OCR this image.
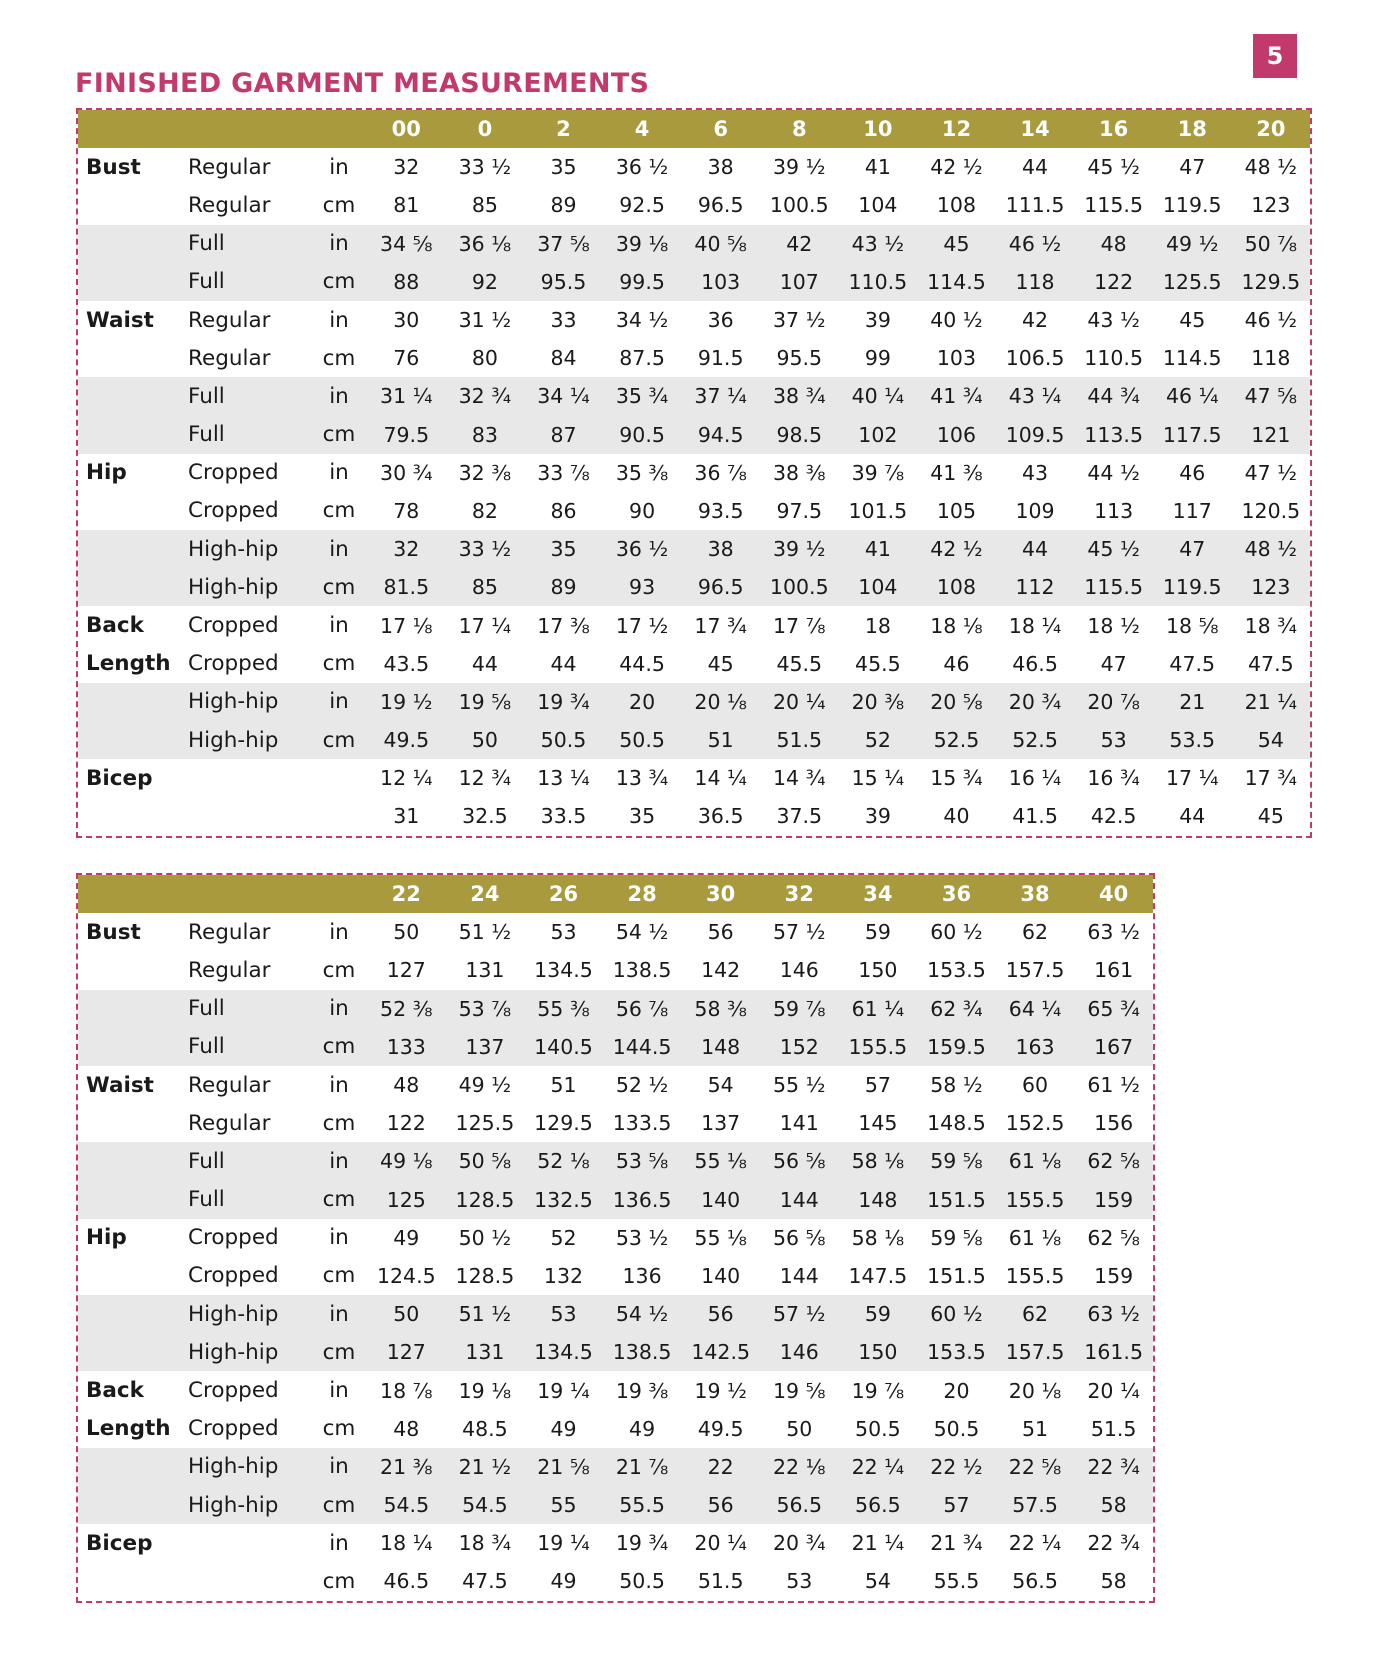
5
FINISHED GARMENT MEASUREMENTS
			00	0	2	4	6	8	10	12	14	16	18	20
Bust	Regular	in	32	33 ½	35	36 ½	38	39 ½	41	42 ½	44	45 ½	47	48 ½
	Regular	cm	81	85	89	92.5	96.5	100.5	104	108	111.5	115.5	119.5	123
	Full	in	34 ⅝	36 ⅛	37 ⅝	39 ⅛	40 ⅝	42	43 ½	45	46 ½	48	49 ½	50 ⅞
	Full	cm	88	92	95.5	99.5	103	107	110.5	114.5	118	122	125.5	129.5
Waist	Regular	in	30	31 ½	33	34 ½	36	37 ½	39	40 ½	42	43 ½	45	46 ½
	Regular	cm	76	80	84	87.5	91.5	95.5	99	103	106.5	110.5	114.5	118
	Full	in	31 ¼	32 ¾	34 ¼	35 ¾	37 ¼	38 ¾	40 ¼	41 ¾	43 ¼	44 ¾	46 ¼	47 ⅝
	Full	cm	79.5	83	87	90.5	94.5	98.5	102	106	109.5	113.5	117.5	121
Hip	Cropped	in	30 ¾	32 ⅜	33 ⅞	35 ⅜	36 ⅞	38 ⅜	39 ⅞	41 ⅜	43	44 ½	46	47 ½
	Cropped	cm	78	82	86	90	93.5	97.5	101.5	105	109	113	117	120.5
	High-hip	in	32	33 ½	35	36 ½	38	39 ½	41	42 ½	44	45 ½	47	48 ½
	High-hip	cm	81.5	85	89	93	96.5	100.5	104	108	112	115.5	119.5	123
Back	Cropped	in	17 ⅛	17 ¼	17 ⅜	17 ½	17 ¾	17 ⅞	18	18 ⅛	18 ¼	18 ½	18 ⅝	18 ¾
Length	Cropped	cm	43.5	44	44	44.5	45	45.5	45.5	46	46.5	47	47.5	47.5
	High-hip	in	19 ½	19 ⅝	19 ¾	20	20 ⅛	20 ¼	20 ⅜	20 ⅝	20 ¾	20 ⅞	21	21 ¼
	High-hip	cm	49.5	50	50.5	50.5	51	51.5	52	52.5	52.5	53	53.5	54
Bicep			12 ¼	12 ¾	13 ¼	13 ¾	14 ¼	14 ¾	15 ¼	15 ¾	16 ¼	16 ¾	17 ¼	17 ¾
			31	32.5	33.5	35	36.5	37.5	39	40	41.5	42.5	44	45
			22	24	26	28	30	32	34	36	38	40
Bust	Regular	in	50	51 ½	53	54 ½	56	57 ½	59	60 ½	62	63 ½
	Regular	cm	127	131	134.5	138.5	142	146	150	153.5	157.5	161
	Full	in	52 ⅜	53 ⅞	55 ⅜	56 ⅞	58 ⅜	59 ⅞	61 ¼	62 ¾	64 ¼	65 ¾
	Full	cm	133	137	140.5	144.5	148	152	155.5	159.5	163	167
Waist	Regular	in	48	49 ½	51	52 ½	54	55 ½	57	58 ½	60	61 ½
	Regular	cm	122	125.5	129.5	133.5	137	141	145	148.5	152.5	156
	Full	in	49 ⅛	50 ⅝	52 ⅛	53 ⅝	55 ⅛	56 ⅝	58 ⅛	59 ⅝	61 ⅛	62 ⅝
	Full	cm	125	128.5	132.5	136.5	140	144	148	151.5	155.5	159
Hip	Cropped	in	49	50 ½	52	53 ½	55 ⅛	56 ⅝	58 ⅛	59 ⅝	61 ⅛	62 ⅝
	Cropped	cm	124.5	128.5	132	136	140	144	147.5	151.5	155.5	159
	High-hip	in	50	51 ½	53	54 ½	56	57 ½	59	60 ½	62	63 ½
	High-hip	cm	127	131	134.5	138.5	142.5	146	150	153.5	157.5	161.5
Back	Cropped	in	18 ⅞	19 ⅛	19 ¼	19 ⅜	19 ½	19 ⅝	19 ⅞	20	20 ⅛	20 ¼
Length	Cropped	cm	48	48.5	49	49	49.5	50	50.5	50.5	51	51.5
	High-hip	in	21 ⅜	21 ½	21 ⅝	21 ⅞	22	22 ⅛	22 ¼	22 ½	22 ⅝	22 ¾
	High-hip	cm	54.5	54.5	55	55.5	56	56.5	56.5	57	57.5	58
Bicep		in	18 ¼	18 ¾	19 ¼	19 ¾	20 ¼	20 ¾	21 ¼	21 ¾	22 ¼	22 ¾
		cm	46.5	47.5	49	50.5	51.5	53	54	55.5	56.5	58
